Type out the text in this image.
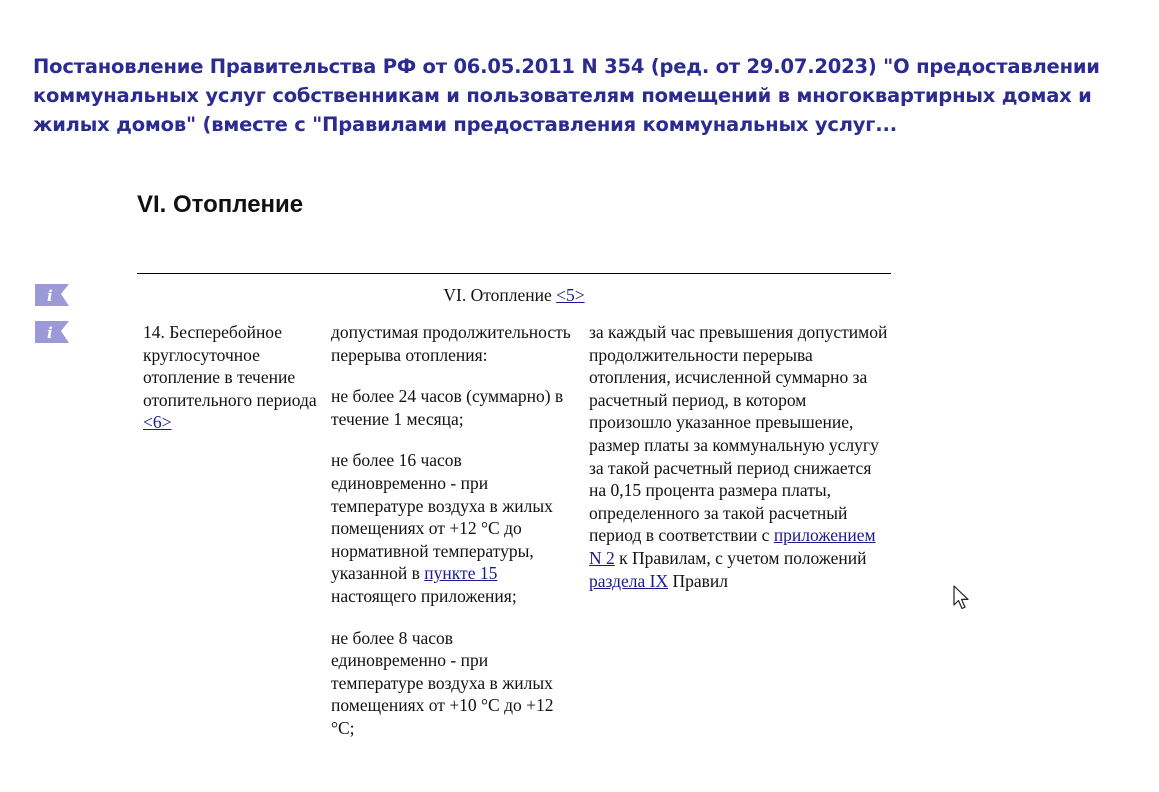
Постановление Правительства РФ от 06.05.2011 N 354 (ред. от 29.07.2023) "О предоставлении коммунальных услуг собственникам и пользователям помещений в многоквартирных домах и жилых домов" (вместе с "Правилами предоставления коммунальных услуг...
VI. Отопление
i
i
VI. Отопление <5>

14. Бесперебойное круглосуточное отопление в течение отопительного периода <6>

допустимая продолжительность перерыва отопления:

не более 24 часов (суммарно) в течение 1 месяца;

не более 16 часов единовременно - при температуре воздуха в жилых помещениях от +12 °C до нормативной температуры, указанной в пункте 15 настоящего приложения;

не более 8 часов единовременно - при температуре воздуха в жилых помещениях от +10 °C до +12 °C;

за каждый час превышения допустимой продолжительности перерыва отопления, исчисленной суммарно за расчетный период, в котором произошло указанное превышение, размер платы за коммунальную услугу за такой расчетный период снижается на 0,15 процента размера платы, определенного за такой расчетный период в соответствии с приложением N 2 к Правилам, с учетом положений раздела IX Правил
